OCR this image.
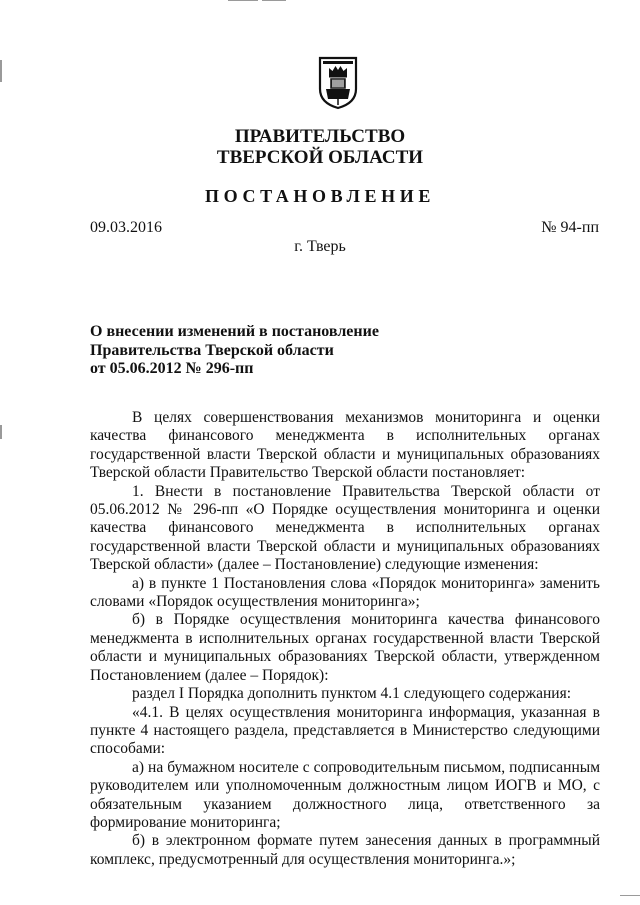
ПРАВИТЕЛЬСТВО
ТВЕРСКОЙ ОБЛАСТИ
ПОСТАНОВЛЕНИЕ
09.03.2016	№ 94-пп
г. Тверь
О внесении изменений в постановление
Правительства Тверской области
от 05.06.2012 № 296-пп

В целях совершенствования механизмов мониторинга и оценки качества финансового менеджмента в исполнительных органах государственной власти Тверской области и муниципальных образованиях Тверской области Правительство Тверской области постановляет:

1. Внести в постановление Правительства Тверской области от 05.06.2012 № 296-пп «О Порядке осуществления мониторинга и оценки качества финансового менеджмента в исполнительных органах государственной власти Тверской области и муниципальных образованиях Тверской области» (далее – Постановление) следующие изменения:

а) в пункте 1 Постановления слова «Порядок мониторинга» заменить словами «Порядок осуществления мониторинга»;

б) в Порядке осуществления мониторинга качества финансового менеджмента в исполнительных органах государственной власти Тверской области и муниципальных образованиях Тверской области, утвержденном Постановлением (далее – Порядок):

раздел I Порядка дополнить пунктом 4.1 следующего содержания:

«4.1. В целях осуществления мониторинга информация, указанная в пункте 4 настоящего раздела, представляется в Министерство следующими способами:

а) на бумажном носителе с сопроводительным письмом, подписанным руководителем или уполномоченным должностным лицом ИОГВ и МО, с обязательным указанием должностного лица, ответственного за формирование мониторинга;

б) в электронном формате путем занесения данных в программный комплекс, предусмотренный для осуществления мониторинга.»;
